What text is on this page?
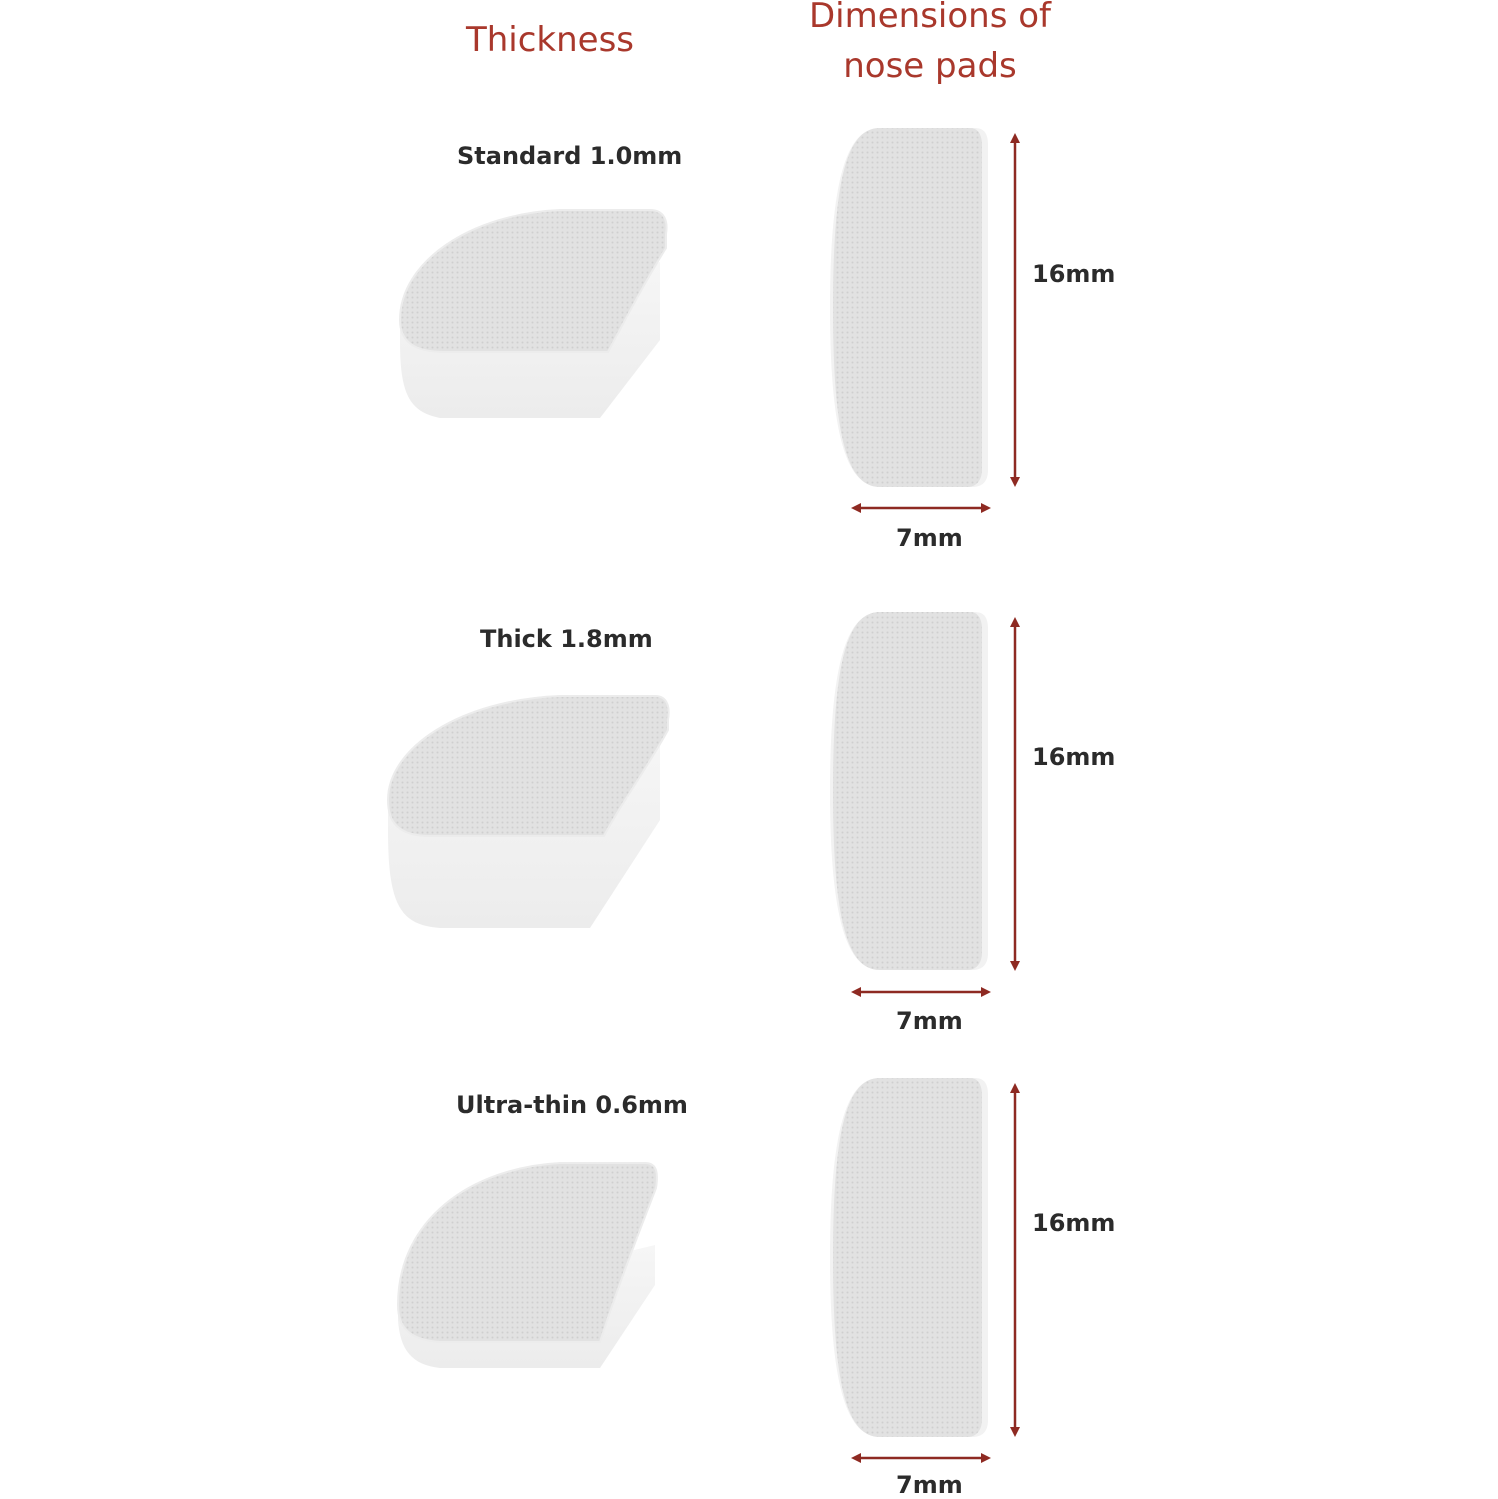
Thickness
Dimensions of
nose pads
Standard 1.0mm
16mm
7mm
Thick 1.8mm
16mm
7mm
Ultra-thin 0.6mm
16mm
7mm
